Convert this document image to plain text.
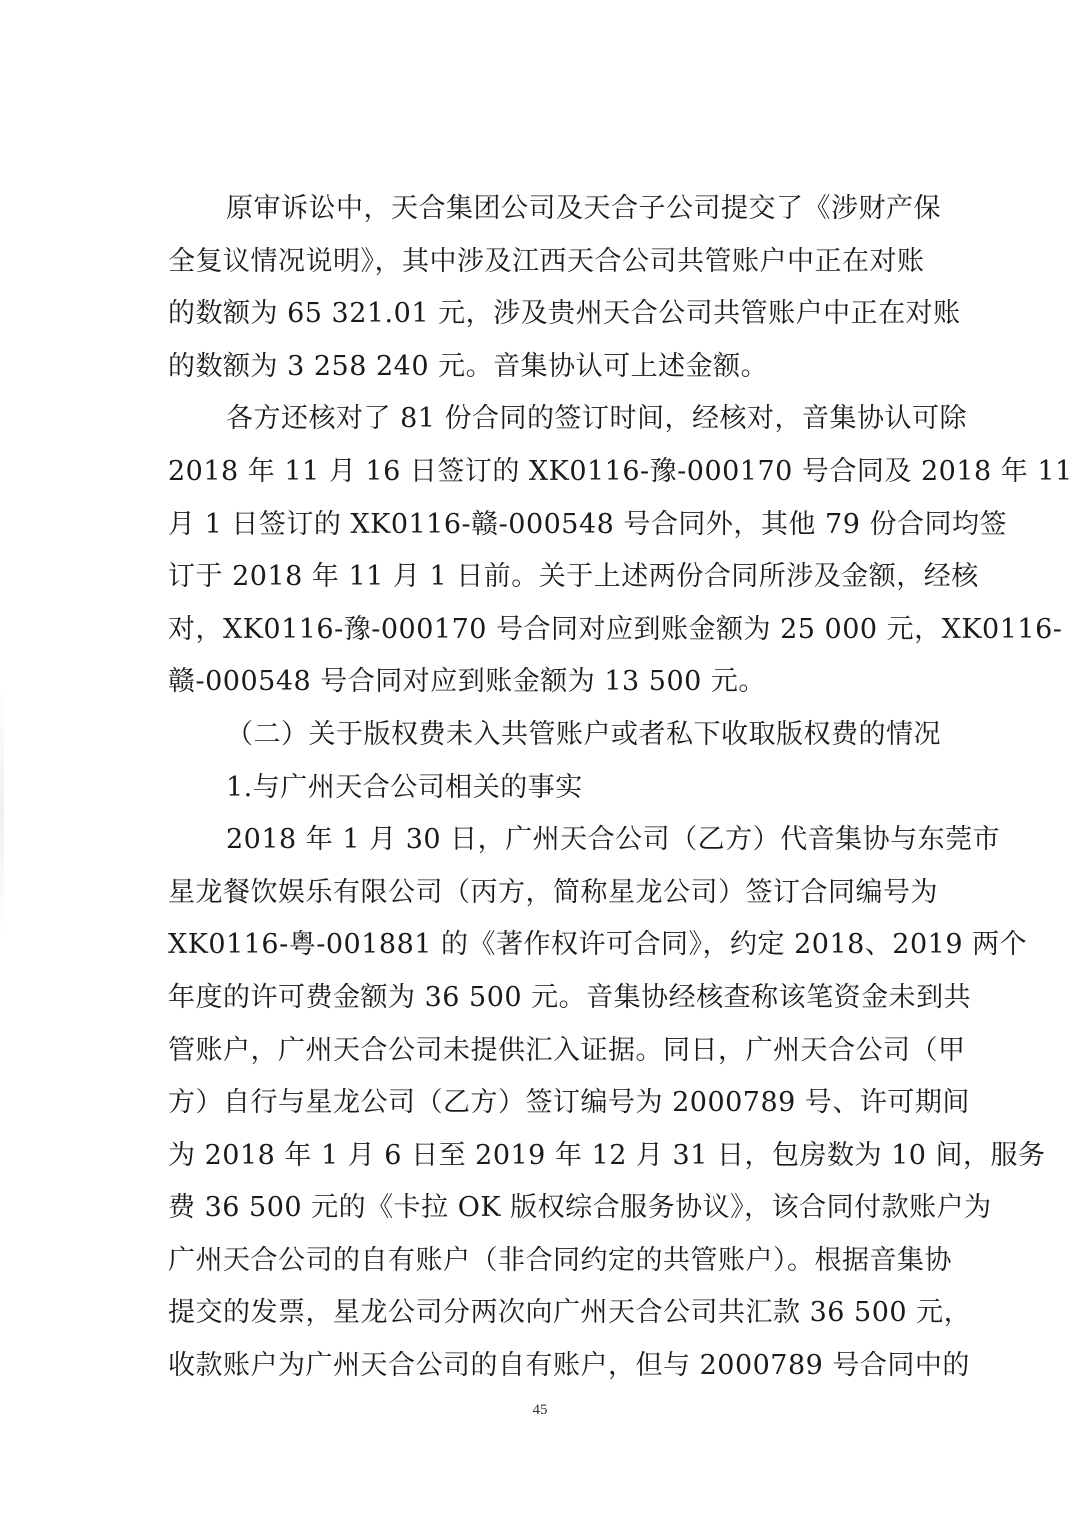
原审诉讼中，天合集团公司及天合子公司提交了《涉财产保
全复议情况说明》，其中涉及江西天合公司共管账户中正在对账
的数额为 65 321.01 元，涉及贵州天合公司共管账户中正在对账
的数额为 3 258 240 元。音集协认可上述金额。
各方还核对了 81 份合同的签订时间，经核对，音集协认可除
2018 年 11 月 16 日签订的 XK0116-豫-000170 号合同及 2018 年 11
月 1 日签订的 XK0116-赣-000548 号合同外，其他 79 份合同均签
订于 2018 年 11 月 1 日前。关于上述两份合同所涉及金额，经核
对，XK0116-豫-000170 号合同对应到账金额为 25 000 元，XK0116-
赣-000548 号合同对应到账金额为 13 500 元。
（二）关于版权费未入共管账户或者私下收取版权费的情况
1.与广州天合公司相关的事实
2018 年 1 月 30 日，广州天合公司（乙方）代音集协与东莞市
星龙餐饮娱乐有限公司（丙方，简称星龙公司）签订合同编号为
XK0116-粤-001881 的《著作权许可合同》，约定 2018、2019 两个
年度的许可费金额为 36 500 元。音集协经核查称该笔资金未到共
管账户，广州天合公司未提供汇入证据。同日，广州天合公司（甲
方）自行与星龙公司（乙方）签订编号为 2000789 号、许可期间
为 2018 年 1 月 6 日至 2019 年 12 月 31 日，包房数为 10 间，服务
费 36 500 元的《卡拉 OK 版权综合服务协议》，该合同付款账户为
广州天合公司的自有账户（非合同约定的共管账户）。根据音集协
提交的发票，星龙公司分两次向广州天合公司共汇款 36 500 元，
收款账户为广州天合公司的自有账户，但与 2000789 号合同中的
45
